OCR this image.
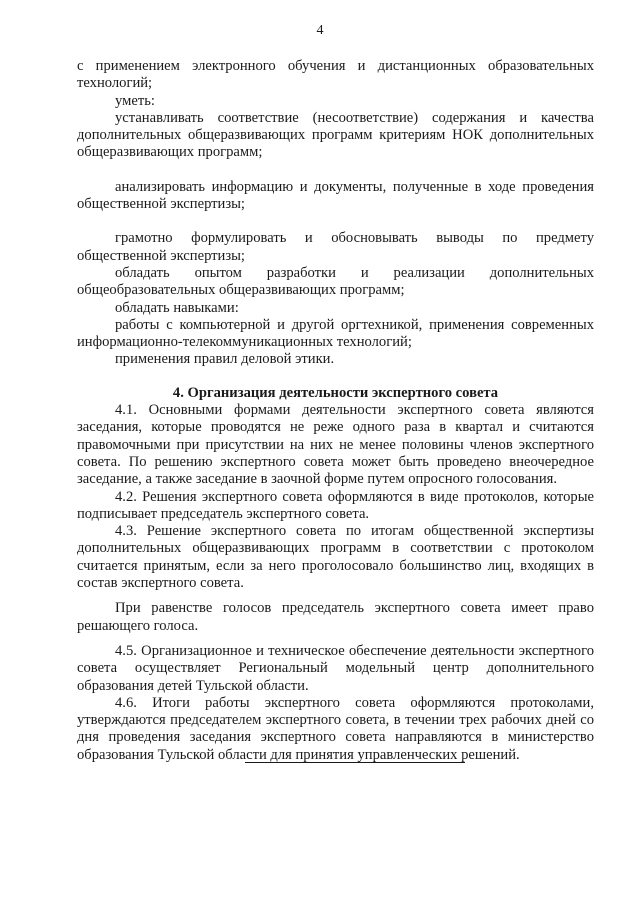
4

с применением электронного обучения и дистанционных образовательных технологий;

уметь:

устанавливать соответствие (несоответствие) содержания и качества дополнительных общеразвивающих программ критериям НОК дополнительных общеразвивающих программ;

анализировать информацию и документы, полученные в ходе проведения общественной экспертизы;

грамотно формулировать и обосновывать выводы по предмету общественной экспертизы;

обладать опытом разработки и реализации дополнительных общеобразовательных общеразвивающих программ;

обладать навыками:

работы с компьютерной и другой оргтехникой, применения современных информационно-телекоммуникационных технологий;

применения правил деловой этики.

4. Организация деятельности экспертного совета

4.1. Основными формами деятельности экспертного совета являются заседания, которые проводятся не реже одного раза в квартал и считаются правомочными при присутствии на них не менее половины членов экспертного совета. По решению экспертного совета может быть проведено внеочередное заседание, а также заседание в заочной форме путем опросного голосования.

4.2. Решения экспертного совета оформляются в виде протоколов, которые подписывает председатель экспертного совета.

4.3. Решение экспертного совета по итогам общественной экспертизы дополнительных общеразвивающих программ в соответствии с протоколом считается принятым, если за него проголосовало большинство лиц, входящих в состав экспертного совета.

При равенстве голосов председатель экспертного совета имеет право решающего голоса.

4.5. Организационное и техническое обеспечение деятельности экспертного совета осуществляет Региональный модельный центр дополнительного образования детей Тульской области.

4.6. Итоги работы экспертного совета оформляются протоколами, утверждаются председателем экспертного совета, в течении трех рабочих дней со дня проведения заседания экспертного совета направляются в министерство образования Тульской области для принятия управленческих решений.
